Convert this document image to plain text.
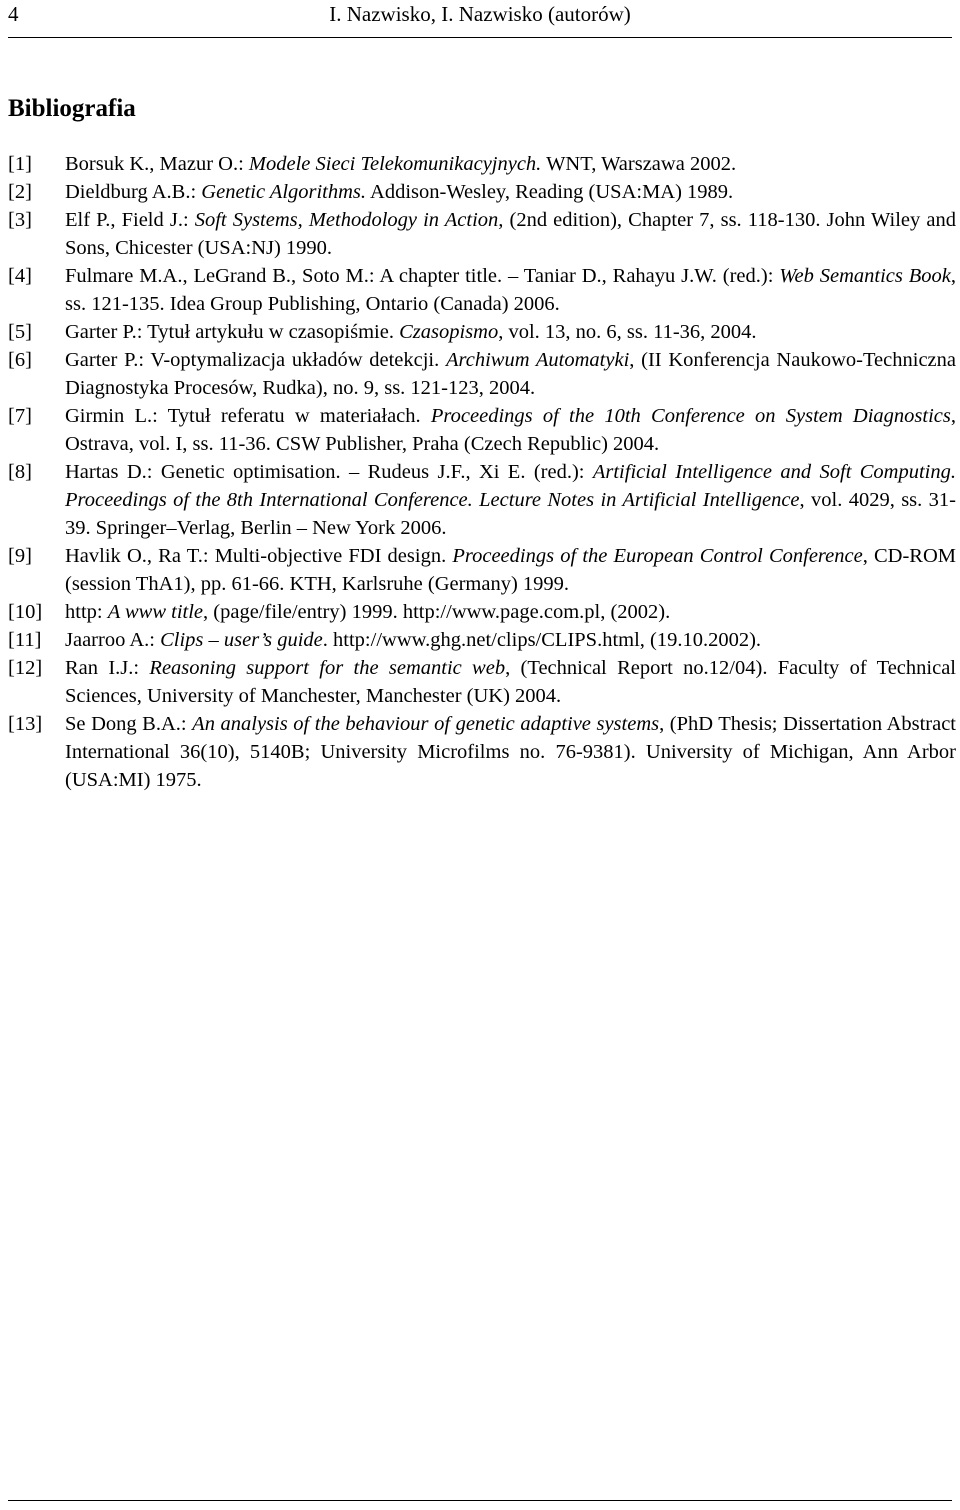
4	I. Nazwisko, I. Nazwisko (autorów)
Bibliografia
[1] Borsuk K., Mazur O.: Modele Sieci Telekomunikacyjnych. WNT, Warszawa 2002.
[2] Dieldburg A.B.: Genetic Algorithms. Addison-Wesley, Reading (USA:MA) 1989.
[3] Elf P., Field J.: Soft Systems, Methodology in Action, (2nd edition), Chapter 7, ss. 118-130. John Wiley and Sons, Chicester (USA:NJ) 1990.
[4] Fulmare M.A., LeGrand B., Soto M.: A chapter title. – Taniar D., Rahayu J.W. (red.): Web Semantics Book, ss. 121-135. Idea Group Publishing, Ontario (Canada) 2006.
[5] Garter P.: Tytuł artykułu w czasopiśmie. Czasopismo, vol. 13, no. 6, ss. 11-36, 2004.
[6] Garter P.: V-optymalizacja układów detekcji. Archiwum Automatyki, (II Konferencja Naukowo-Techniczna Diagnostyka Procesów, Rudka), no. 9, ss. 121-123, 2004.
[7] Girmin L.: Tytuł referatu w materiałach. Proceedings of the 10th Conference on System Diagnostics, Ostrava, vol. I, ss. 11-36. CSW Publisher, Praha (Czech Republic) 2004.
[8] Hartas D.: Genetic optimisation. – Rudeus J.F., Xi E. (red.): Artificial Intelligence and Soft Computing. Proceedings of the 8th International Conference. Lecture Notes in Artificial Intelligence, vol. 4029, ss. 31-39. Springer–Verlag, Berlin – New York 2006.
[9] Havlik O., Ra T.: Multi-objective FDI design. Proceedings of the European Control Conference, CD-ROM (session ThA1), pp. 61-66. KTH, Karlsruhe (Germany) 1999.
[10] http: A www title, (page/file/entry) 1999. http://www.page.com.pl, (2002).
[11] Jaarroo A.: Clips – user’s guide. http://www.ghg.net/clips/CLIPS.html, (19.10.2002).
[12] Ran I.J.: Reasoning support for the semantic web, (Technical Report no.12/04). Faculty of Technical Sciences, University of Manchester, Manchester (UK) 2004.
[13] Se Dong B.A.: An analysis of the behaviour of genetic adaptive systems, (PhD Thesis; Dissertation Abstract International 36(10), 5140B; University Microfilms no. 76-9381). University of Michigan, Ann Arbor (USA:MI) 1975.
